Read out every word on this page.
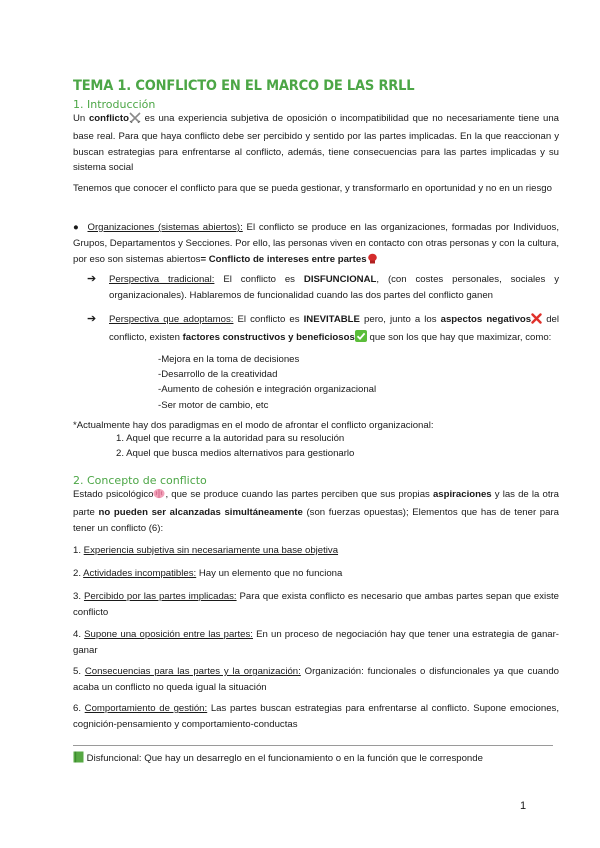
TEMA 1. CONFLICTO EN EL MARCO DE LAS RRLL
1. Introducción
Un conflicto es una experiencia subjetiva de oposición o incompatibilidad que no necesariamente tiene una base real. Para que haya conflicto debe ser percibido y sentido por las partes implicadas. En la que reaccionan y buscan estrategias para enfrentarse al conflicto, además, tiene consecuencias para las partes implicadas y su sistema social
Tenemos que conocer el conflicto para que se pueda gestionar, y transformarlo en oportunidad y no en un riesgo
● Organizaciones (sistemas abiertos): El conflicto se produce en las organizaciones, formadas por Individuos, Grupos, Departamentos y Secciones. Por ello, las personas viven en contacto con otras personas y con la cultura, por eso son sistemas abiertos= Conflicto de intereses entre partes
➔ Perspectiva tradicional: El conflicto es DISFUNCIONAL, (con costes personales, sociales y organizacionales). Hablaremos de funcionalidad cuando las dos partes del conflicto ganen
➔ Perspectiva que adoptamos: El conflicto es INEVITABLE pero, junto a los aspectos negativos del conflicto, existen factores constructivos y beneficiosos que son los que hay que maximizar, como:
-Mejora en la toma de decisiones
-Desarrollo de la creatividad
-Aumento de cohesión e integración organizacional
-Ser motor de cambio, etc
*Actualmente hay dos paradigmas en el modo de afrontar el conflicto organizacional:
1. Aquel que recurre a la autoridad para su resolución
2. Aquel que busca medios alternativos para gestionarlo
2. Concepto de conflicto
Estado psicológico , que se produce cuando las partes perciben que sus propias aspiraciones y las de la otra parte no pueden ser alcanzadas simultáneamente (son fuerzas opuestas); Elementos que has de tener para tener un conflicto (6):
1. Experiencia subjetiva sin necesariamente una base objetiva
2. Actividades incompatibles: Hay un elemento que no funciona
3. Percibido por las partes implicadas: Para que exista conflicto es necesario que ambas partes sepan que existe conflicto
4. Supone una oposición entre las partes: En un proceso de negociación hay que tener una estrategia de ganar-ganar
5. Consecuencias para las partes y la organización: Organización: funcionales o disfuncionales ya que cuando acaba un conflicto no queda igual la situación
6. Comportamiento de gestión: Las partes buscan estrategias para enfrentarse al conflicto. Supone emociones, cognición-pensamiento y comportamiento-conductas
Disfuncional: Que hay un desarreglo en el funcionamiento o en la función que le corresponde
1
